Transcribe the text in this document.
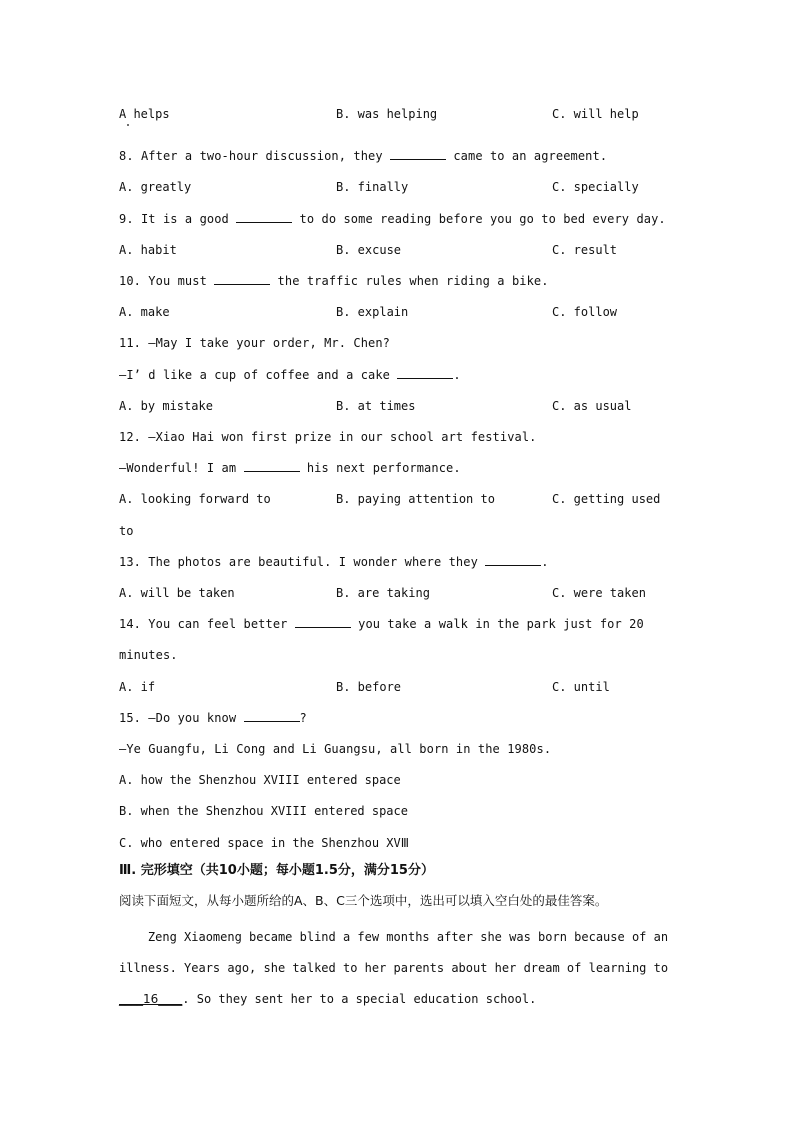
A helps	B. was helping	C. will help
8. After a two-hour discussion, they	came to an agreement.
A. greatly	B. finally	C. specially
9. It is a good	to do some reading before you go to bed every day.
A. habit	B. excuse	C. result
10. You must	the traffic rules when riding a bike.
A. make	B. explain	C. follow
11. —May I take your order, Mr. Chen?
—I’ d like a cup of coffee and a cake	.
A. by mistake	B. at times	C. as usual
12. —Xiao Hai won first prize in our school art festival.
—Wonderful! I am	his next performance.
A. looking forward to	B. paying attention to	C. getting used
to
13. The photos are beautiful. I wonder where they	.
A. will be taken	B. are taking	C. were taken
14. You can feel better	you take a walk in the park just for 20
minutes.
A. if	B. before	C. until
15. —Do you know	?
—Ye Guangfu, Li Cong and Li Guangsu, all born in the 1980s.
A. how the Shenzhou XVIII entered space
B. when the Shenzhou XVIII entered space
C. who entered space in the Shenzhou XVⅢ
Ⅲ. 完形填空（共10小题；每小题1.5分，满分15分）
阅读下面短文，从每小题所给的A、B、C三个选项中，选出可以填入空白处的最佳答案。
Zeng Xiaomeng became blind a few months after she was born because of an
illness. Years ago, she talked to her parents about her dream of learning to
____16____. So they sent her to a special education school.
